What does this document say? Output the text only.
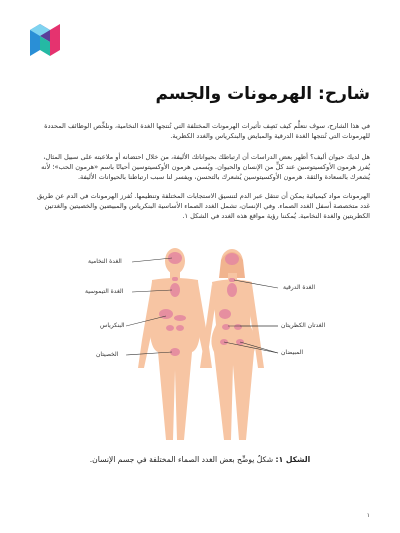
شارح: الهرمونات والجسم

في هذا الشارح، سوف نتعلَّم كيف نَصِف تأثيرات الهرمونات المختلفة التي تُنتجها الغدة النخامية، ونلخِّص الوظائف المحددة للهرمونات التي تُنتجها الغدة الدرقية والمبايض والبنكرياس والغدد الكظرية.

هل لديك حيوان أليف؟ أظهر بعض الدراسات أن ارتباطك بحيواناتك الأليفة، من خلال احتضانه أو ملاعبته على سبيل المثال، يُفرز هرمون الأوكسيتوسين عند كلٍّ من الإنسان والحيوان. ويُسمى هرمون الأوكسيتوسين أحيانًا باسم «هرمون الحب»؛ لأنه يُشعرك بالسعادة والثقة. هرمون الأوكسيتوسين يُشعرك بالتحسن، ويفسر لنا سبب ارتباطنا بالحيوانات الأليفة.

الهرمونات مواد كيميائية يمكن أن تنتقل عبر الدم لتنسيق الاستجابات المختلفة وتنظيمها. تُفرز الهرمونات في الدم عن طريق غدد متخصصة أسفل الغدد الصماء. وفي الإنسان، تشمل الغدد الصماء الأساسية البنكرياس والمبيضين والخصيتين والغدتين الكظريتين والغدة النخامية. يُمكننا رؤية مواقع هذه الغدد في الشكل ١.

الغدة النخامية
الغدة التيموسية
البنكرياس
الخصيتان
الغدة الدرقية
الغدتان الكظريتان
المبيضان
الشكل ١: شكلٌ يوضِّح بعض الغدد الصماء المختلفة في جسم الإنسان.
١
